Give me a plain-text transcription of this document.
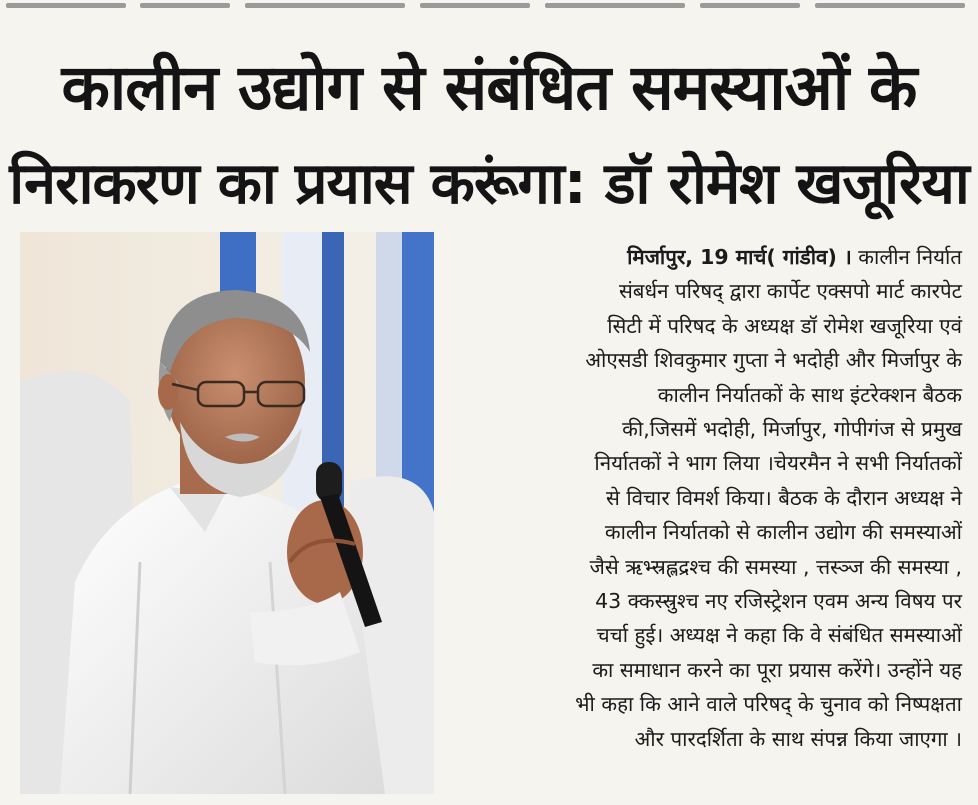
कालीन उद्योग से संबंधित समस्याओं के
निराकरण का प्रयास करूंगा: डॉ रोमेश खजूरिया
मिर्जापुर, 19 मार्च( गांडीव) । कालीन निर्यात
संबर्धन परिषद् द्वारा कार्पेट एक्सपो मार्ट कारपेट
सिटी में परिषद के अध्यक्ष डॉ रोमेश खजूरिया एवं
ओएसडी शिवकुमार गुप्ता ने भदोही और मिर्जापुर के
कालीन निर्यातकों के साथ इंटरेक्शन बैठक
की,जिसमें भदोही, मिर्जापुर, गोपीगंज से प्रमुख
निर्यातकों ने भाग लिया ।चेयरमैन ने सभी निर्यातकों
से विचार विमर्श किया। बैठक के दौरान अध्यक्ष ने
कालीन निर्यातको से कालीन उद्योग की समस्याओं
जैसे ऋभ्स्रह्लद्रश्च की समस्या , त्तस्ञ्ज की समस्या ,
43 क्कस्स्रुश्च नए रजिस्ट्रेशन एवम अन्य विषय पर
चर्चा हुई। अध्यक्ष ने कहा कि वे संबंधित समस्याओं
का समाधान करने का पूरा प्रयास करेंगे। उन्होंने यह
भी कहा कि आने वाले परिषद् के चुनाव को निष्पक्षता
और पारदर्शिता के साथ संपन्न किया जाएगा ।
